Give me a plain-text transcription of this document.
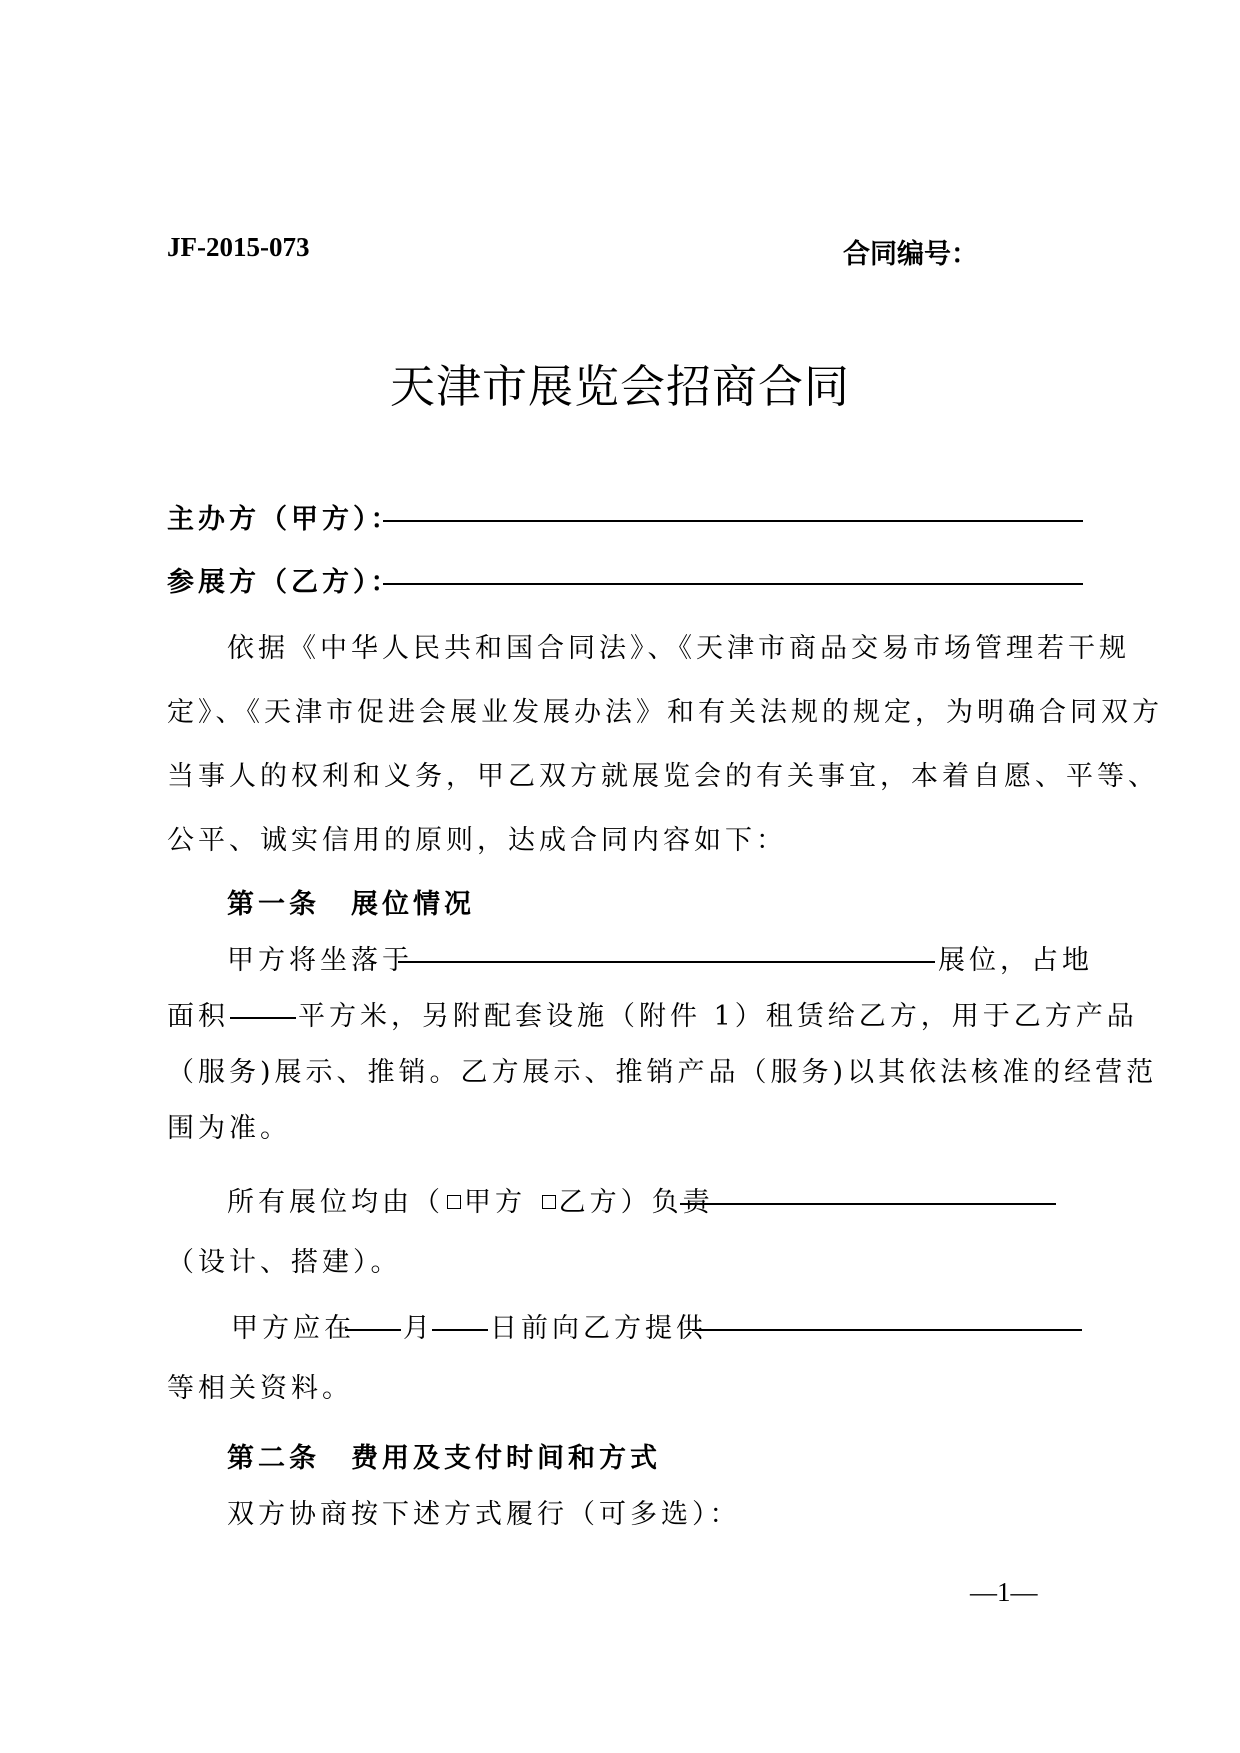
JF-2015-073	合同编号：
天津市展览会招商合同
主办方（甲方）：
参展方（乙方）：
依据《中华人民共和国合同法》、《天津市商品交易市场管理若干规
定》、《天津市促进会展业发展办法》和有关法规的规定，为明确合同双方
当事人的权利和义务，甲乙双方就展览会的有关事宜，本着自愿、平等、
公平、诚实信用的原则，达成合同内容如下：
第一条　展位情况
甲方将坐落于	展位，占地
面积	平方米，另附配套设施（附件 1）租赁给乙方，用于乙方产品
（服务)展示、推销。乙方展示、推销产品（服务)以其依法核准的经营范
围为准。
所有展位均由（ 甲方 乙方）负责
（设计、搭建）。
甲方应在 月 日前向乙方提供
等相关资料。
第二条　费用及支付时间和方式
双方协商按下述方式履行（可多选）：
—1—
